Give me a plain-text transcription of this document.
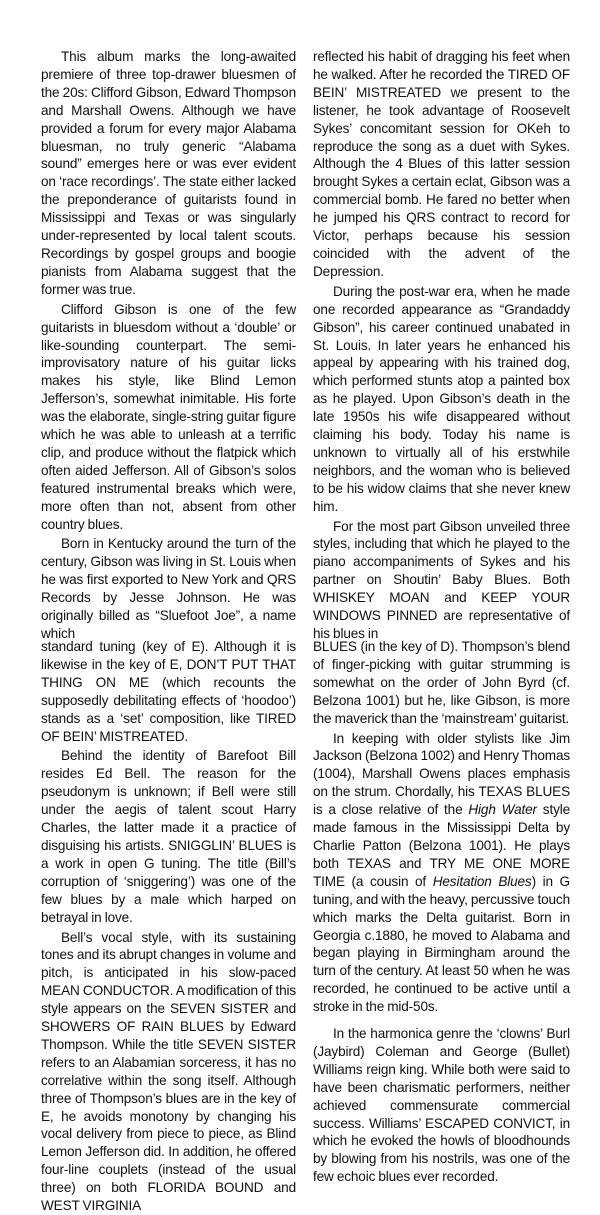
This album marks the long-awaited premiere of three top-drawer bluesmen of the 20s: Clifford Gibson, Edward Thompson and Marshall Owens. Although we have provided a forum for every major Alabama bluesman, no truly generic “Alabama sound” emerges here or was ever evident on ‘race recordings’. The state either lacked the preponderance of guitarists found in Mississippi and Texas or was singularly under-represented by local talent scouts. Recordings by gospel groups and boogie pianists from Alabama suggest that the former was true.

Clifford Gibson is one of the few guitarists in bluesdom without a ‘double’ or like-sounding counterpart. The semi-improvisatory nature of his guitar licks makes his style, like Blind Lemon Jefferson’s, somewhat inimitable. His forte was the elaborate, single-string guitar figure which he was able to unleash at a terrific clip, and produce without the flatpick which often aided Jefferson. All of Gibson’s solos featured instrumental breaks which were, more often than not, absent from other country blues.

Born in Kentucky around the turn of the century, Gibson was living in St. Louis when he was first exported to New York and QRS Records by Jesse Johnson. He was originally billed as “Sluefoot Joe”, a name which

reflected his habit of dragging his feet when he walked. After he recorded the TIRED OF BEIN’ MISTREATED we present to the listener, he took advantage of Roosevelt Sykes’ concomitant session for OKeh to reproduce the song as a duet with Sykes. Although the 4 Blues of this latter session brought Sykes a certain eclat, Gibson was a commercial bomb. He fared no better when he jumped his QRS contract to record for Victor, perhaps because his session coincided with the advent of the Depression.

During the post-war era, when he made one recorded appearance as “Grandaddy Gibson”, his career continued unabated in St. Louis. In later years he enhanced his appeal by appearing with his trained dog, which performed stunts atop a painted box as he played. Upon Gibson’s death in the late 1950s his wife disappeared without claiming his body. Today his name is unknown to virtually all of his erstwhile neighbors, and the woman who is believed to be his widow claims that she never knew him.

For the most part Gibson unveiled three styles, including that which he played to the piano accompaniments of Sykes and his partner on Shoutin’ Baby Blues. Both WHISKEY MOAN and KEEP YOUR WINDOWS PINNED are representative of his blues in

standard tuning (key of E). Although it is likewise in the key of E, DON’T PUT THAT THING ON ME (which recounts the supposedly debilitating effects of ‘hoodoo’) stands as a ‘set’ composition, like TIRED OF BEIN’ MISTREATED.

Behind the identity of Barefoot Bill resides Ed Bell. The reason for the pseudonym is unknown; if Bell were still under the aegis of talent scout Harry Charles, the latter made it a practice of disguising his artists. SNIGGLIN’ BLUES is a work in open G tuning. The title (Bill’s corruption of ‘sniggering’) was one of the few blues by a male which harped on betrayal in love.

Bell’s vocal style, with its sustaining tones and its abrupt changes in volume and pitch, is anticipated in his slow-paced MEAN CONDUCTOR. A modification of this style appears on the SEVEN SISTER and SHOWERS OF RAIN BLUES by Edward Thompson. While the title SEVEN SISTER refers to an Alabamian sorceress, it has no correlative within the song itself. Although three of Thompson’s blues are in the key of E, he avoids monotony by changing his vocal delivery from piece to piece, as Blind Lemon Jefferson did. In addition, he offered four-line couplets (instead of the usual three) on both FLORIDA BOUND and WEST VIRGINIA

BLUES (in the key of D). Thompson’s blend of finger-picking with guitar strumming is somewhat on the order of John Byrd (cf. Belzona 1001) but he, like Gibson, is more the maverick than the ‘mainstream’ guitarist.

In keeping with older stylists like Jim Jackson (Belzona 1002) and Henry Thomas (1004), Marshall Owens places emphasis on the strum. Chordally, his TEXAS BLUES is a close relative of the High Water style made famous in the Mississippi Delta by Charlie Patton (Belzona 1001). He plays both TEXAS and TRY ME ONE MORE TIME (a cousin of Hesitation Blues) in G tuning, and with the heavy, percussive touch which marks the Delta guitarist. Born in Georgia c.1880, he moved to Alabama and began playing in Birmingham around the turn of the century. At least 50 when he was recorded, he continued to be active until a stroke in the mid-50s.

In the harmonica genre the ‘clowns’ Burl (Jaybird) Coleman and George (Bullet) Williams reign king. While both were said to have been charismatic performers, neither achieved commensurate commercial success. Williams’ ESCAPED CONVICT, in which he evoked the howls of bloodhounds by blowing from his nostrils, was one of the few echoic blues ever recorded.
